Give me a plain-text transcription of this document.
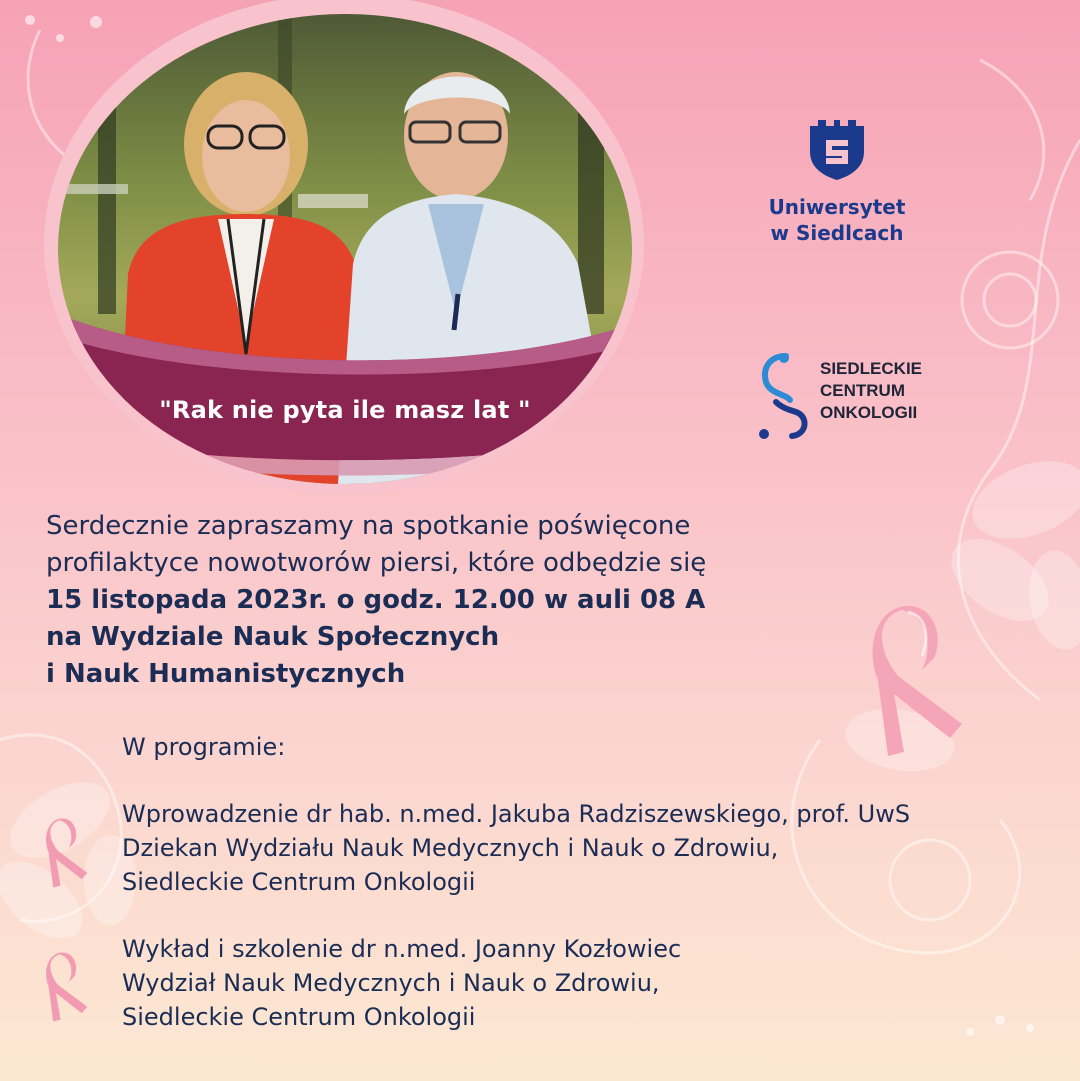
"Rak nie pyta ile masz lat "
Uniwersytet
w Siedlcach
SIEDLECKIE
CENTRUM
ONKOLOGII
Serdecznie zapraszamy na spotkanie poświęcone
profilaktyce nowotworów piersi, które odbędzie się
15 listopada 2023r. o godz. 12.00 w auli 08 A
na Wydziale Nauk Społecznych
i Nauk Humanistycznych
W programie:
Wprowadzenie dr hab. n.med. Jakuba Radziszewskiego, prof. UwS
Dziekan Wydziału Nauk Medycznych i Nauk o Zdrowiu,
Siedleckie Centrum Onkologii
Wykład i szkolenie dr n.med. Joanny Kozłowiec
Wydział Nauk Medycznych i Nauk o Zdrowiu,
Siedleckie Centrum Onkologii
